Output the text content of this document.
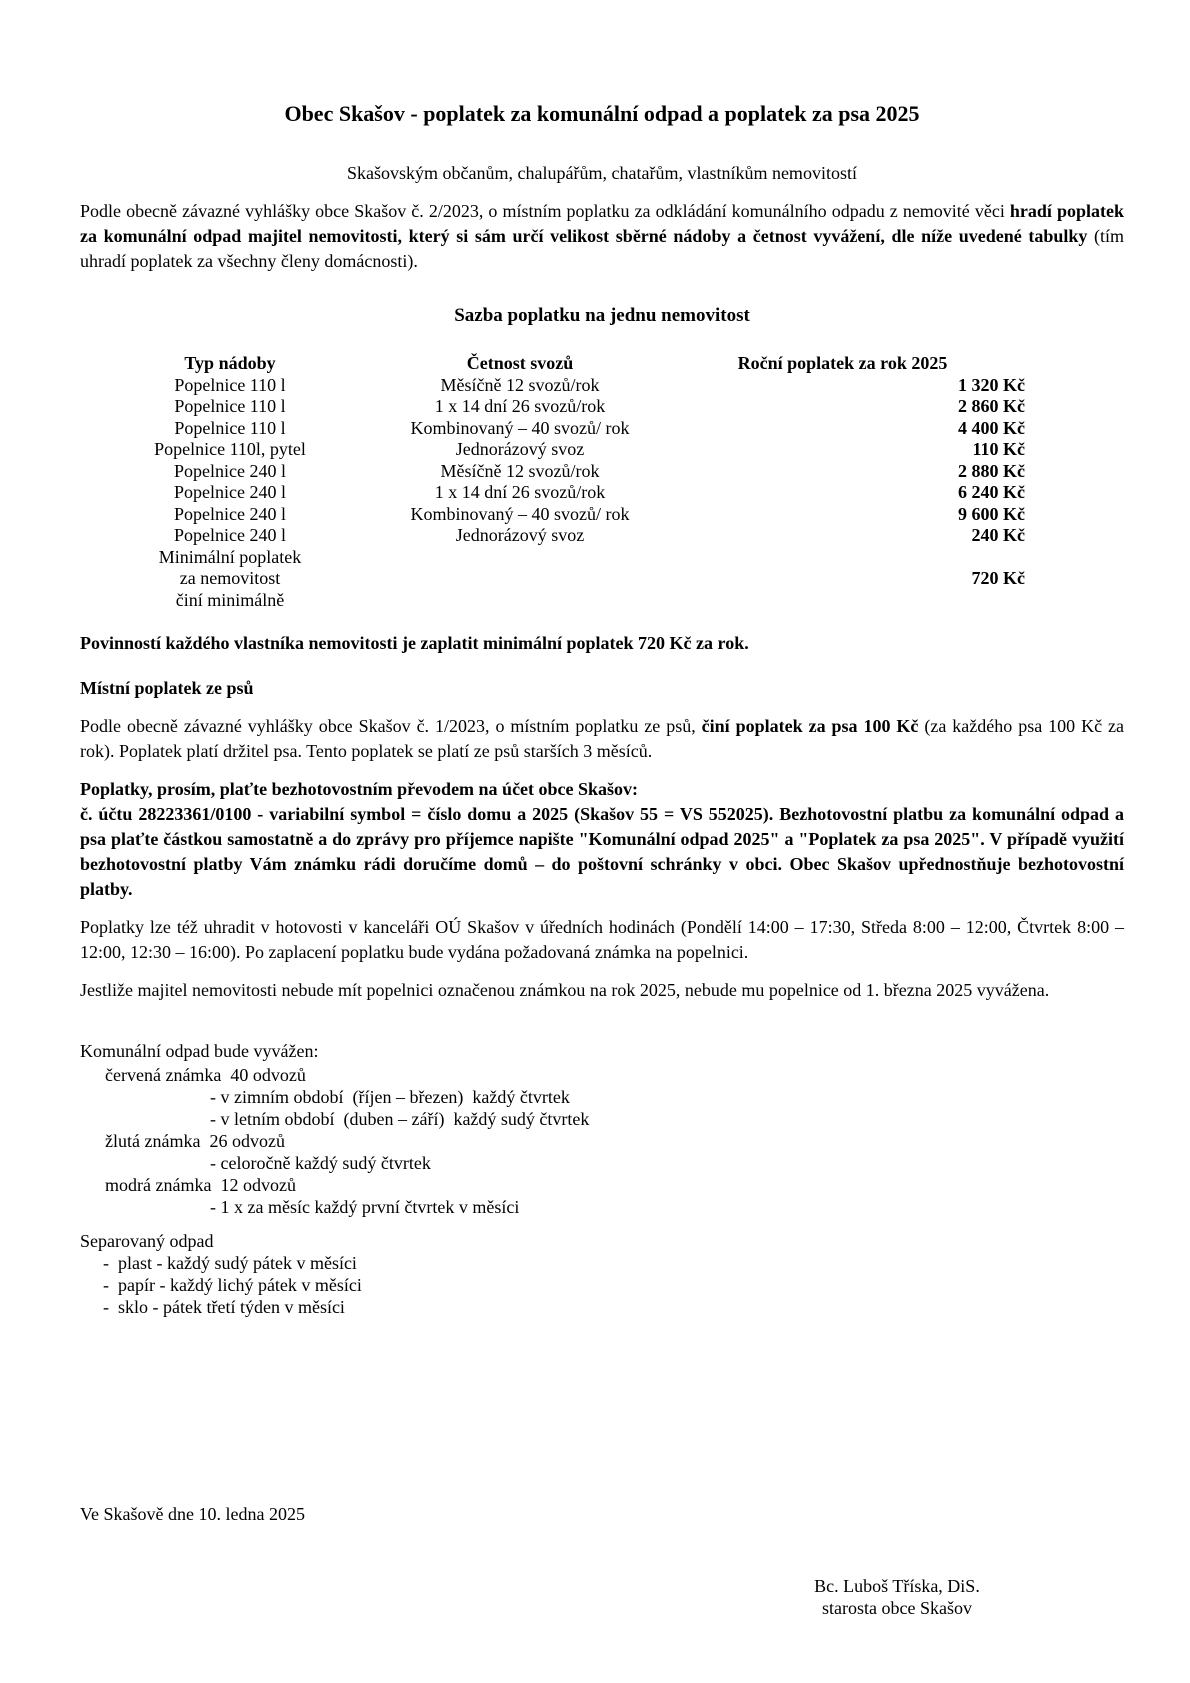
Obec Skašov - poplatek za komunální odpad a poplatek za psa 2025
Skašovským občanům, chalupářům, chatařům, vlastníkům nemovitostí

Podle obecně závazné vyhlášky obce Skašov č. 2/2023, o místním poplatku za odkládání komunálního odpadu z nemovité věci hradí poplatek za komunální odpad majitel nemovitosti, který si sám určí velikost sběrné nádoby a četnost vyvážení, dle níže uvedené tabulky (tím uhradí poplatek za všechny členy domácnosti).

Sazba poplatku na jednu nemovitost
Typ nádoby	Četnost svozů	Roční poplatek za rok 2025
Popelnice 110 l	Měsíčně 12 svozů/rok	1 320 Kč
Popelnice 110 l	1 x 14 dní 26 svozů/rok	2 860 Kč
Popelnice 110 l	Kombinovaný – 40 svozů/ rok	4 400 Kč
Popelnice 110l, pytel	Jednorázový svoz	110 Kč
Popelnice 240 l	Měsíčně 12 svozů/rok	2 880 Kč
Popelnice 240 l	1 x 14 dní 26 svozů/rok	6 240 Kč
Popelnice 240 l	Kombinovaný – 40 svozů/ rok	9 600 Kč
Popelnice 240 l	Jednorázový svoz	240 Kč
Minimální poplatek		
za nemovitost		720 Kč
činí minimálně		

Povinností každého vlastníka nemovitosti je zaplatit minimální poplatek 720 Kč za rok.

Místní poplatek ze psů

Podle obecně závazné vyhlášky obce Skašov č. 1/2023, o místním poplatku ze psů, činí poplatek za psa 100 Kč (za každého psa 100 Kč za rok). Poplatek platí držitel psa. Tento poplatek se platí ze psů starších 3 měsíců.

Poplatky, prosím, plaťte bezhotovostním převodem na účet obce Skašov:
č. účtu 28223361/0100 - variabilní symbol = číslo domu a 2025 (Skašov 55 = VS 552025). Bezhotovostní platbu za komunální odpad a psa plaťte částkou samostatně a do zprávy pro příjemce napište "Komunální odpad 2025" a "Poplatek za psa 2025". V případě využití bezhotovostní platby Vám známku rádi doručíme domů – do poštovní schránky v obci. Obec Skašov upřednostňuje bezhotovostní platby.

Poplatky lze též uhradit v hotovosti v kanceláři OÚ Skašov v úředních hodinách (Pondělí 14:00 – 17:30, Středa 8:00 – 12:00, Čtvrtek 8:00 – 12:00, 12:30 – 16:00). Po zaplacení poplatku bude vydána požadovaná známka na popelnici.

Jestliže majitel nemovitosti nebude mít popelnici označenou známkou na rok 2025, nebude mu popelnice od 1. března 2025 vyvážena.

Komunální odpad bude vyvážen:

červená známka  40 odvozů
- v zimním období  (říjen – březen)  každý čtvrtek
- v letním období  (duben – září)  každý sudý čtvrtek
žlutá známka  26 odvozů
- celoročně každý sudý čtvrtek
modrá známka  12 odvozů
- 1 x za měsíc každý první čtvrtek v měsíci

Separovaný odpad

-  plast - každý sudý pátek v měsíci
-  papír - každý lichý pátek v měsíci
-  sklo - pátek třetí týden v měsíci

Ve Skašově dne 10. ledna 2025

Bc. Luboš Tříska, DiS.
starosta obce Skašov
